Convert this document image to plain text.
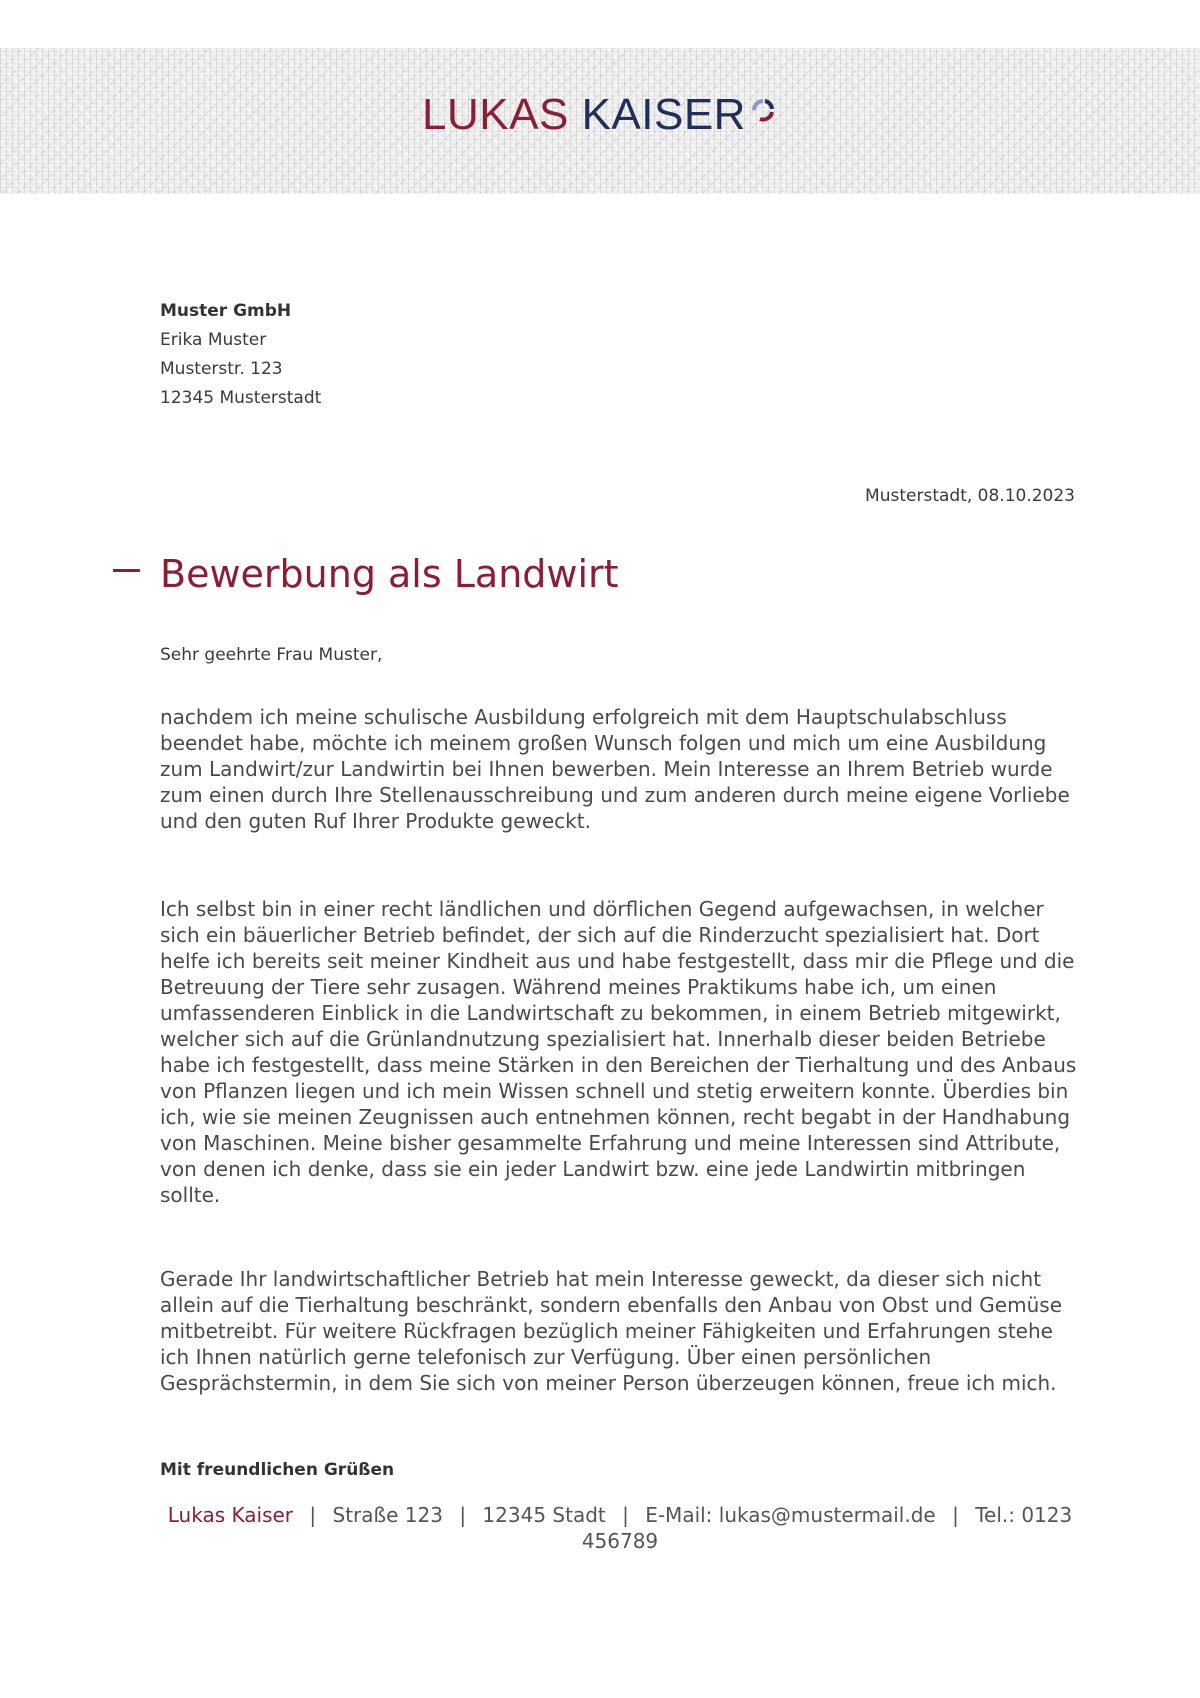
LUKAS KAISER
Muster GmbH
Erika Muster
Musterstr. 123
12345 Musterstadt
Musterstadt, 08.10.2023
Bewerbung als Landwirt
Sehr geehrte Frau Muster,
nachdem ich meine schulische Ausbildung erfolgreich mit dem Hauptschulabschluss beendet habe, möchte ich meinem großen Wunsch folgen und mich um eine Ausbildung zum Landwirt/zur Landwirtin bei Ihnen bewerben. Mein Interesse an Ihrem Betrieb wurde zum einen durch Ihre Stellenausschreibung und zum anderen durch meine eigene Vorliebe und den guten Ruf Ihrer Produkte geweckt.
Ich selbst bin in einer recht ländlichen und dörflichen Gegend aufgewachsen, in welcher sich ein bäuerlicher Betrieb befindet, der sich auf die Rinderzucht spezialisiert hat. Dort helfe ich bereits seit meiner Kindheit aus und habe festgestellt, dass mir die Pflege und die Betreuung der Tiere sehr zusagen. Während meines Praktikums habe ich, um einen umfassenderen Einblick in die Landwirtschaft zu bekommen, in einem Betrieb mitgewirkt, welcher sich auf die Grünlandnutzung spezialisiert hat. Innerhalb dieser beiden Betriebe habe ich festgestellt, dass meine Stärken in den Bereichen der Tierhaltung und des Anbaus von Pflanzen liegen und ich mein Wissen schnell und stetig erweitern konnte. Überdies bin ich, wie sie meinen Zeugnissen auch entnehmen können, recht begabt in der Handhabung von Maschinen. Meine bisher gesammelte Erfahrung und meine Interessen sind Attribute, von denen ich denke, dass sie ein jeder Landwirt bzw. eine jede Landwirtin mitbringen sollte.
Gerade Ihr landwirtschaftlicher Betrieb hat mein Interesse geweckt, da dieser sich nicht allein auf die Tierhaltung beschränkt, sondern ebenfalls den Anbau von Obst und Gemüse mitbetreibt. Für weitere Rückfragen bezüglich meiner Fähigkeiten und Erfahrungen stehe ich Ihnen natürlich gerne telefonisch zur Verfügung. Über einen persönlichen Gesprächstermin, in dem Sie sich von meiner Person überzeugen können, freue ich mich.
Mit freundlichen Grüßen
Lukas Kaiser | Straße 123 | 12345 Stadt | E-Mail: lukas@mustermail.de | Tel.: 0123 456789
